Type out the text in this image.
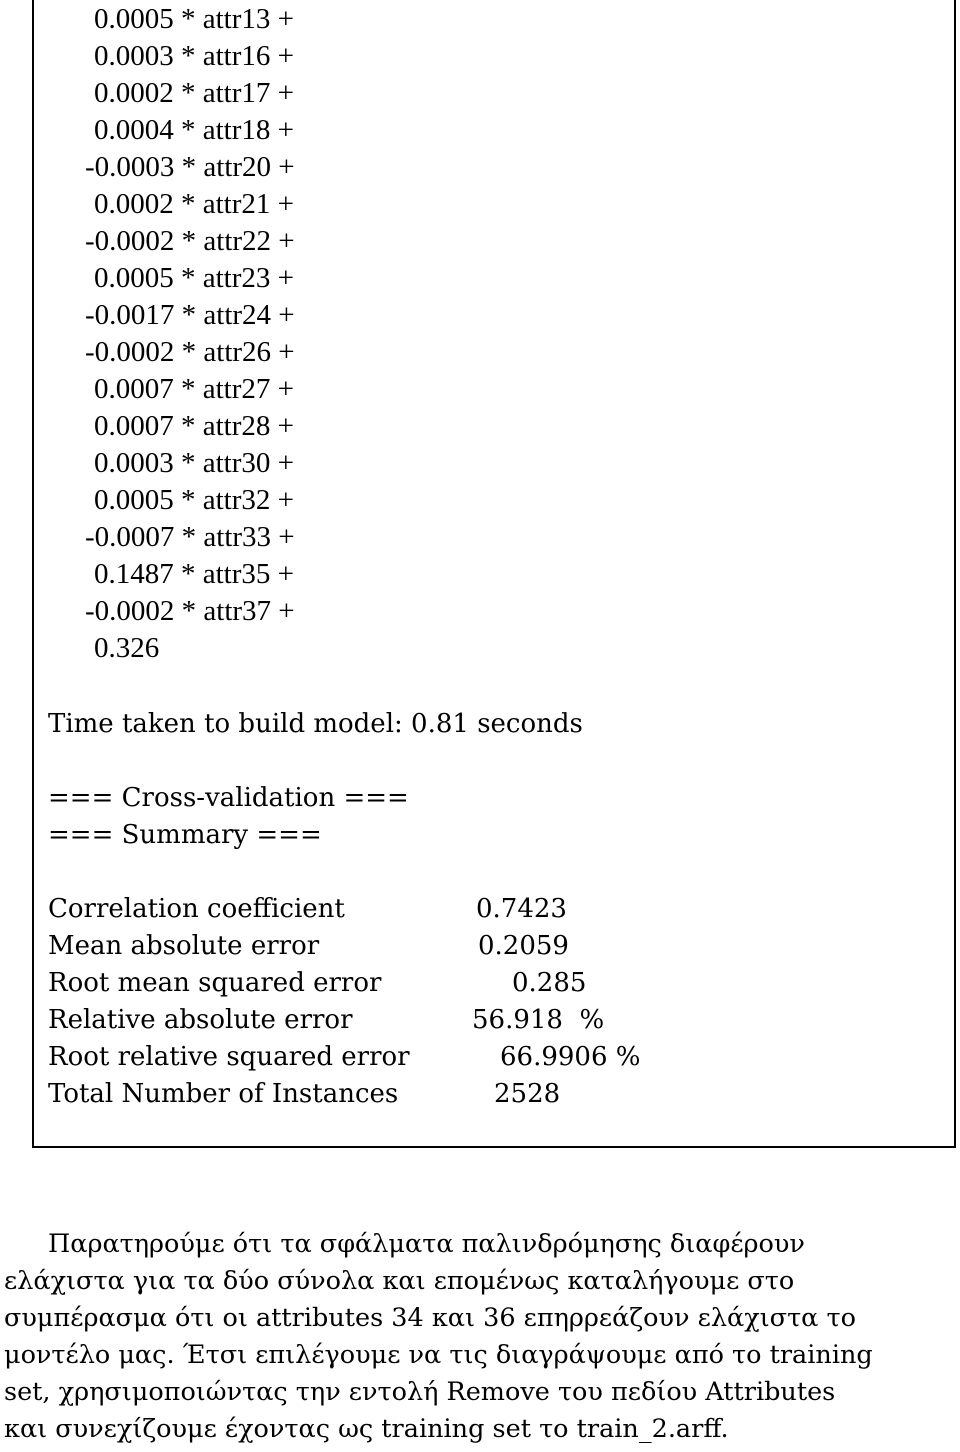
0.0005 * attr13 +
0.0003 * attr16 +
0.0002 * attr17 +
0.0004 * attr18 +
-0.0003 * attr20 +
0.0002 * attr21 +
-0.0002 * attr22 +
0.0005 * attr23 +
-0.0017 * attr24 +
-0.0002 * attr26 +
0.0007 * attr27 +
0.0007 * attr28 +
0.0003 * attr30 +
0.0005 * attr32 +
-0.0007 * attr33 +
0.1487 * attr35 +
-0.0002 * attr37 +
0.326
Time taken to build model: 0.81 seconds
=== Cross-validation ===
=== Summary ===
Correlation coefficient	0.7423
Mean absolute error	0.2059
Root mean squared error	0.285
Relative absolute error	56.918  %
Root relative squared error	66.9906 %
Total Number of Instances	2528
Παρατηρούμε ότι τα σφάλματα παλινδρόμησης διαφέρουν
ελάχιστα για τα δύο σύνολα και επομένως καταλήγουμε στο
συμπέρασμα ότι οι attributes 34 και 36 επηρρεάζουν ελάχιστα το
μοντέλο μας. Έτσι επιλέγουμε να τις διαγράψουμε από το training
set, χρησιμοποιώντας την εντολή Remove του πεδίου Attributes
και συνεχίζουμε έχοντας ως training set το train_2.arff.
